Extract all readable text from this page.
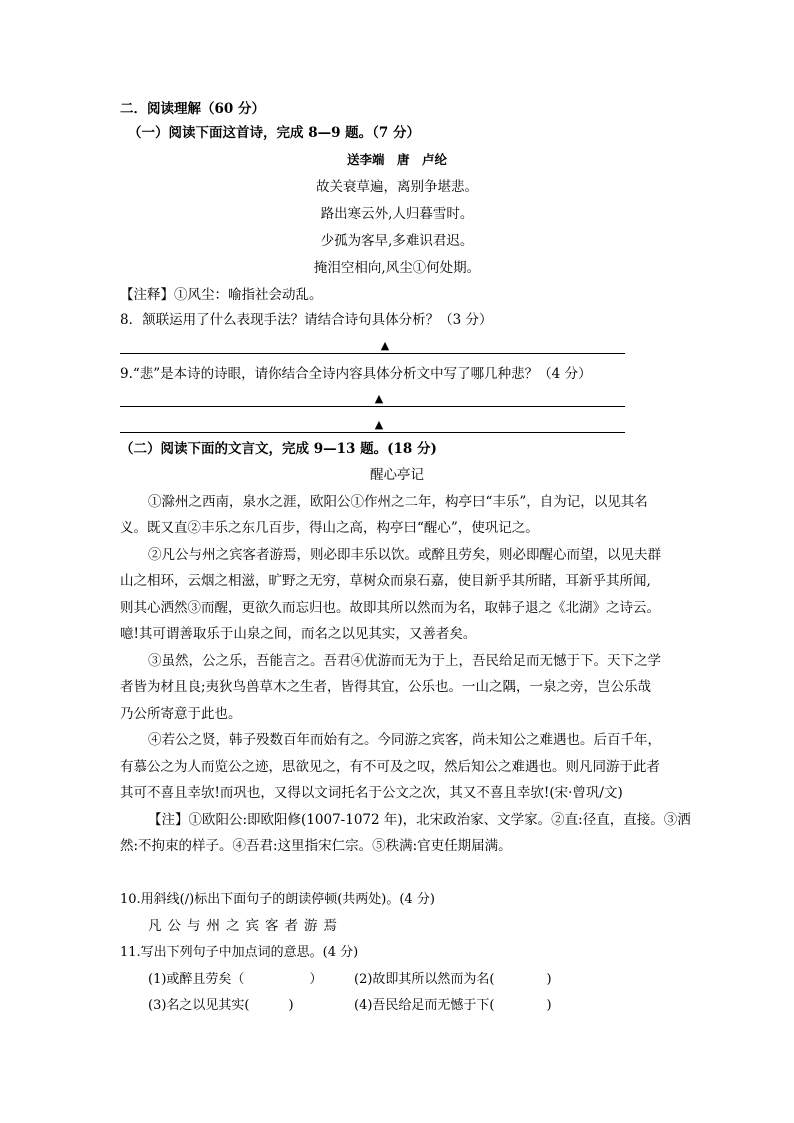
二．阅读理解（60 分）
（一）阅读下面这首诗，完成 8—9 题。（7 分）
送李端　唐　卢纶
故关衰草遍，离别争堪悲。
路出寒云外,人归暮雪时。
少孤为客早,多难识君迟。
掩泪空相向,风尘①何处期。
【注释】①风尘：喻指社会动乱。
8．颔联运用了什么表现手法？请结合诗句具体分析？（3 分）
▲
9.“悲”是本诗的诗眼，请你结合全诗内容具体分析文中写了哪几种悲？（4 分）
▲
▲
（二）阅读下面的文言文，完成 9—13 题。(18 分)
醒心亭记
①滁州之西南，泉水之涯，欧阳公①作州之二年，构亭曰“丰乐”，自为记，以见其名
义。既又直②丰乐之东几百步，得山之高，构亭曰“醒心”，使巩记之。
②凡公与州之宾客者游焉，则必即丰乐以饮。或醉且劳矣，则必即醒心而望，以见夫群
山之相环，云烟之相滋，旷野之无穷，草树众而泉石嘉，使目新乎其所睹，耳新乎其所闻,
则其心洒然③而醒，更欲久而忘归也。故即其所以然而为名，取韩子退之《北湖》之诗云。
噫!其可谓善取乐于山泉之间，而名之以见其实，又善者矣。
③虽然，公之乐，吾能言之。吾君④优游而无为于上，吾民给足而无憾于下。天下之学
者皆为材且良;夷狄鸟兽草木之生者，皆得其宜，公乐也。一山之隅，一泉之旁，岂公乐哉
乃公所寄意于此也。
④若公之贤，韩子殁数百年而始有之。今同游之宾客，尚未知公之难遇也。后百千年，
有慕公之为人而览公之迹，思欲见之，有不可及之叹，然后知公之难遇也。则凡同游于此者
其可不喜且幸欤!而巩也，又得以文词托名于公文之次，其又不喜且幸欤!(宋·曾巩/文)
【注】①欧阳公:即欧阳修(1007-1072 年)，北宋政治家、文学家。②直:径直，直接。③洒
然:不拘束的样子。④吾君:这里指宋仁宗。⑤秩满:官吏任期届满。
10.用斜线(/)标出下面句子的朗读停顿(共两处)。(4 分)
凡公与州之宾客者游焉
11.写出下列句子中加点词的意思。(4 分)
(1)或醉且劳矣（　　　　　） (2)故即其所以然而为名(　　　　)
(3)名之以见其实(　　　)	(4)吾民给足而无憾于下(　　　　)
